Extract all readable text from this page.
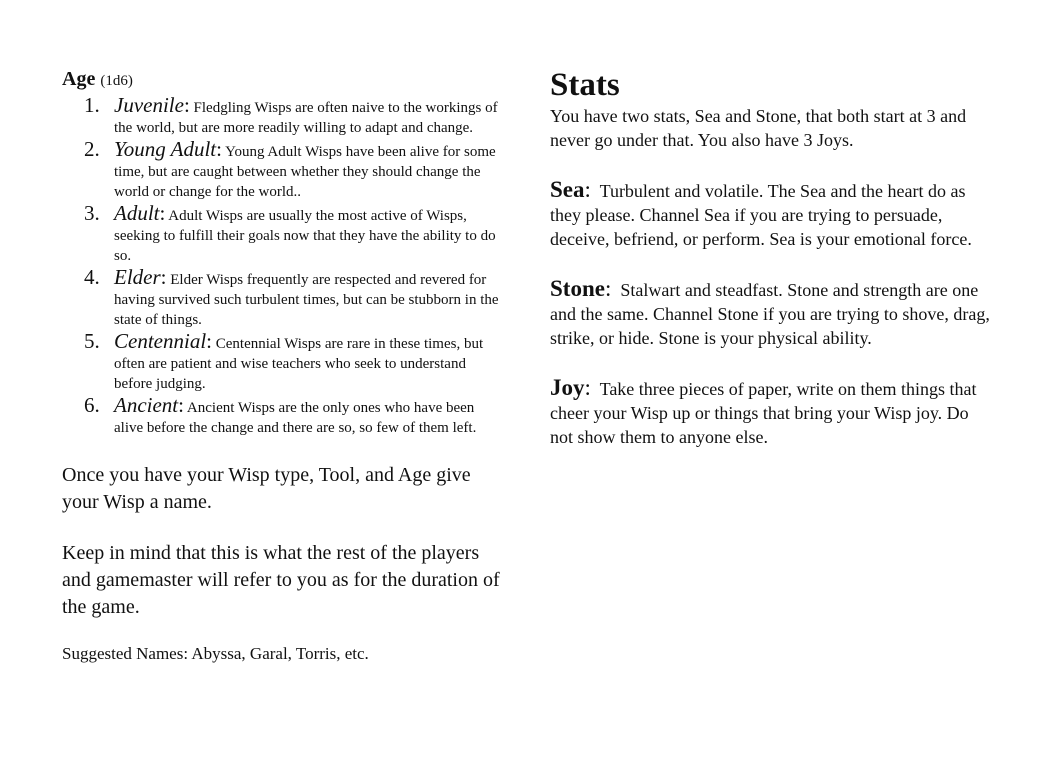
Age (1d6)

1. Juvenile: Fledgling Wisps are often naive to the workings of the world, but are more readily willing to adapt and change.
2. Young Adult: Young Adult Wisps have been alive for some time, but are caught between whether they should change the world or change for the world..
3. Adult: Adult Wisps are usually the most active of Wisps, seeking to fulfill their goals now that they have the ability to do so.
4. Elder: Elder Wisps frequently are respected and revered for having survived such turbulent times, but can be stubborn in the state of things.
5. Centennial: Centennial Wisps are rare in these times, but often are patient and wise teachers who seek to understand before judging.
6. Ancient: Ancient Wisps are the only ones who have been alive before the change and there are so, so few of them left.

Once you have your Wisp type, Tool, and Age give your Wisp a name.

Keep in mind that this is what the rest of the players and gamemaster will refer to you as for the duration of the game.

Suggested Names: Abyssa, Garal, Torris, etc.

Stats

You have two stats, Sea and Stone, that both start at 3 and never go under that. You also have 3 Joys.

Sea: Turbulent and volatile. The Sea and the heart do as they please. Channel Sea if you are trying to persuade, deceive, befriend, or perform. Sea is your emotional force.

Stone: Stalwart and steadfast. Stone and strength are one and the same. Channel Stone if you are trying to shove, drag, strike, or hide. Stone is your physical ability.

Joy: Take three pieces of paper, write on them things that cheer your Wisp up or things that bring your Wisp joy. Do not show them to anyone else.
